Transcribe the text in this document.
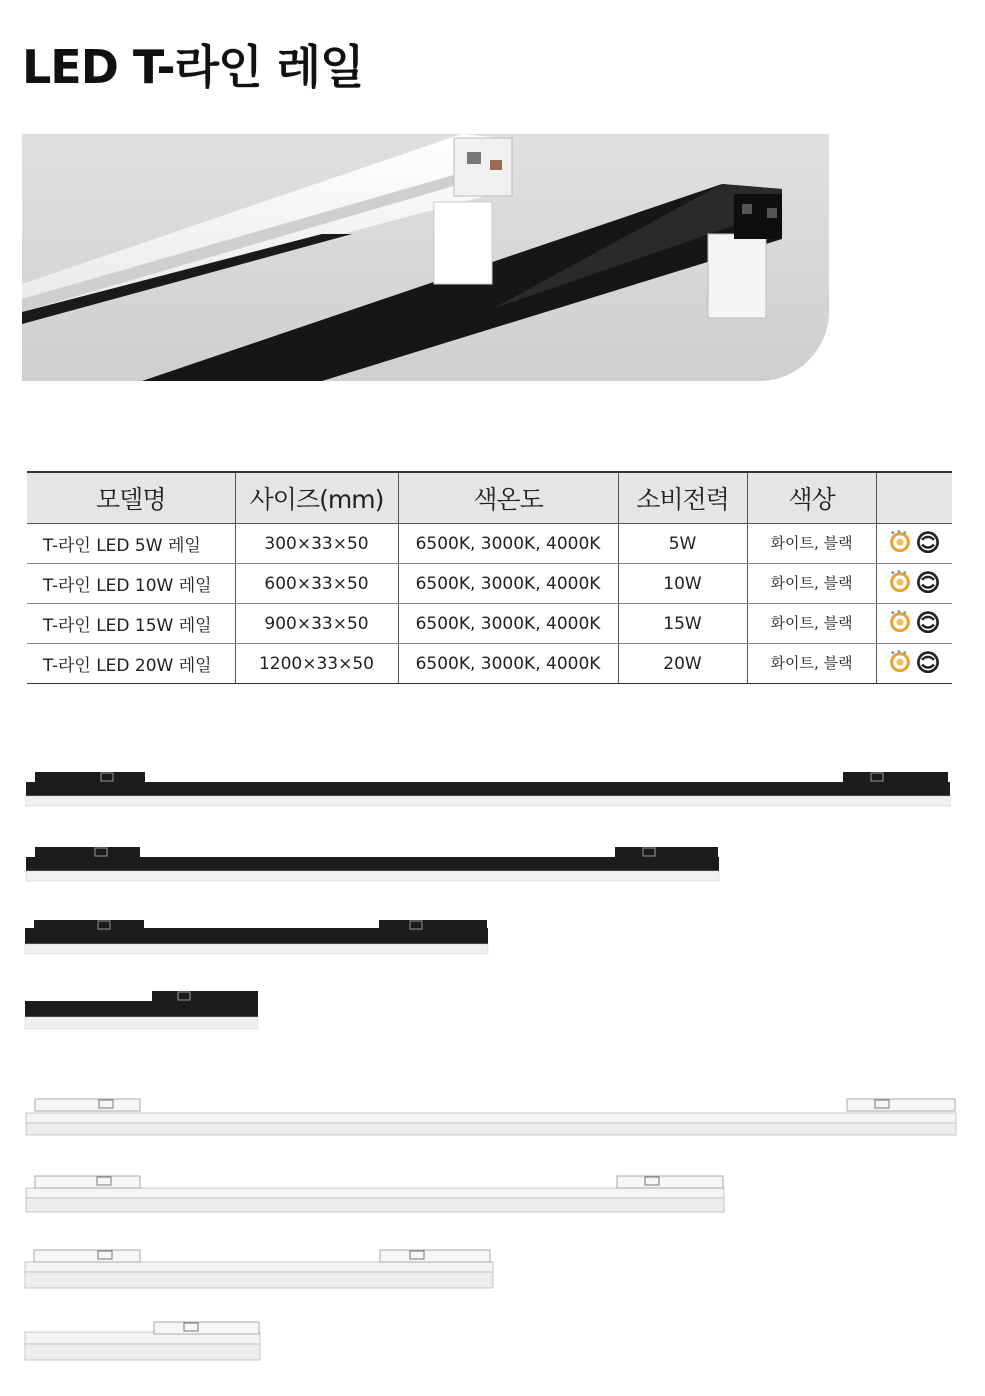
LED T-라인 레일
모델명	사이즈(mm)	색온도	소비전력	색상	
T-라인 LED 5W 레일	300×33×50	6500K, 3000K, 4000K	5W	화이트, 블랙	

T-라인 LED 10W 레일	600×33×50	6500K, 3000K, 4000K	10W	화이트, 블랙	

T-라인 LED 15W 레일	900×33×50	6500K, 3000K, 4000K	15W	화이트, 블랙	

T-라인 LED 20W 레일	1200×33×50	6500K, 3000K, 4000K	20W	화이트, 블랙	
